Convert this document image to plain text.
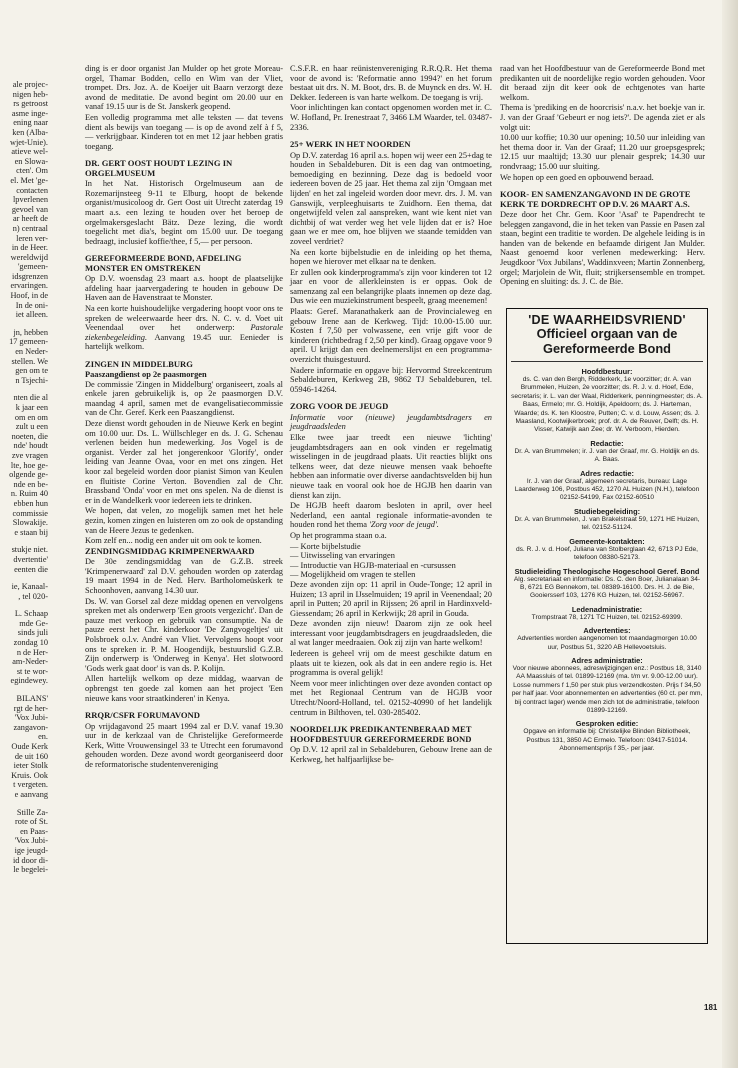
ale projec-
nigen heb-
rs getroost
asme inge-
ening naar
ken (Alba-
wjet-Unie).
atieve wel-
en Slowa-
cten'. Om
el. Met 'ge-
contacten
lpverlenen
gevoel van
ar heeft de
n) centraal
leren ver-
in de Heer.
wereldwijd
'gemeen-
idsgrenzen
ervaringen.
Hoof, in de
In de oni-
iet alleen.

jn, hebben
17 gemeen-
en Neder-
stellen. We
gen om te
n Tsjechi-

nten die al
k jaar een
om en om
zult u een
noeten, die
nde' houdt
zve vragen
lte, hoe ge-
olgende ge-
nde en be-
n. Ruim 40
ebben hun
commissie
Slowakije.
e staan bij

stukje niet.
dvertentie'
eenten die

ie, Kanaal-
, tel 020-

L. Schaap
mde Ge-
sinds juli
zondag 10
n de Her-
am-Neder-
st te wor-
egindewey.

BILANS'
rgt de her-
'Vox Jubi-
zangavon-
en.
Oude Kerk
de uit 160
ieter Stolk
Kruis. Ook
t vergeten.
e aanvang

Stille Za-
rote of St.
en Paas-
'Vox Jubi-
ige jeugd-
id door di-
le begelei-

ding is er door organist Jan Mulder op het grote Moreau-orgel, Thamar Bodden, cello en Wim van der Vliet, trompet. Drs. Joz. A. de Koeijer uit Baarn verzorgt deze avond de meditatie. De avond begint om 20.00 uur en vanaf 19.15 uur is de St. Janskerk geopend.

Een volledig programma met alle teksten — dat tevens dient als bewijs van toegang — is op de avond zelf à f 5,— verkrijgbaar. Kinderen tot en met 12 jaar hebben gratis toegang.

DR. GERT OOST HOUDT LEZING IN ORGELMUSEUM

In het Nat. Historisch Orgelmuseum aan de Rozemarijnsteeg 9-11 te Elburg, hoopt de bekende organist/musicoloog dr. Gert Oost uit Utrecht zaterdag 19 maart a.s. een lezing te houden over het beroep de orgelmakersgeslacht Bätz. Deze lezing, die wordt toegelicht met dia's, begint om 15.00 uur. De toegang bedraagt, inclusief koffie/thee, f 5,— per persoon.

GEREFORMEERDE BOND, AFDELING MONSTER EN OMSTREKEN

Op D.V. woensdag 23 maart a.s. hoopt de plaatselijke afdeling haar jaarvergadering te houden in gebouw De Haven aan de Havenstraat te Monster.

Na een korte huishoudelijke vergadering hoopt voor ons te spreken de weleerwaarde heer drs. N. C. v. d. Voet uit Veenendaal over het onderwerp: Pastorale ziekenbegeleiding. Aanvang 19.45 uur. Eenieder is hartelijk welkom.

ZINGEN IN MIDDELBURG
Paaszangdienst op 2e paasmorgen

De commissie 'Zingen in Middelburg' organiseert, zoals al enkele jaren gebruikelijk is, op 2e paasmorgen D.V. maandag 4 april, samen met de evangelisatiecommissie van de Chr. Geref. Kerk een Paaszangdienst.

Deze dienst wordt gehouden in de Nieuwe Kerk en begint om 10.00 uur. Ds. L. Wüllschleger en ds. J. G. Schenau verlenen beiden hun medewerking. Jos Vogel is de organist. Verder zal het jongerenkoor 'Glorify', onder leiding van Jeanne Ovaa, voor en met ons zingen. Het koor zal begeleid worden door pianist Simon van Keulen en fluitiste Corine Verton. Bovendien zal de Chr. Brassband 'Onda' voor en met ons spelen. Na de dienst is er in de Wandelkerk voor iedereen iets te drinken.

We hopen, dat velen, zo mogelijk samen met het hele gezin, komen zingen en luisteren om zo ook de opstanding van de Heere Jezus te gedenken.

Kom zelf en... nodig een ander uit om ook te komen.

ZENDINGSMIDDAG KRIMPENERWAARD

De 30e zendingsmiddag van de G.Z.B. streek 'Krimpenerwaard' zal D.V. gehouden worden op zaterdag 19 maart 1994 in de Ned. Herv. Bartholomeüskerk te Schoonhoven, aanvang 14.30 uur.

Ds. W. van Gorsel zal deze middag openen en vervolgens spreken met als onderwerp 'Een groots vergezicht'. Dan de pauze met verkoop en gebruik van consumptie. Na de pauze eerst het Chr. kinderkoor 'De Zangvogeltjes' uit Polsbroek o.l.v. André van Vliet. Vervolgens hoopt voor ons te spreken ir. P. M. Hoogendijk, bestuurslid G.Z.B. Zijn onderwerp is 'Onderweg in Kenya'. Het slotwoord 'Gods werk gaat door' is van ds. P. Kolijn.

Allen hartelijk welkom op deze middag, waarvan de opbrengst ten goede zal komen aan het project 'Een nieuwe kans voor straatkinderen' in Kenya.

RRQR/CSFR FORUMAVOND

Op vrijdagavond 25 maart 1994 zal er D.V. vanaf 19.30 uur in de kerkzaal van de Christelijke Gereformeerde Kerk, Witte Vrouwensingel 33 te Utrecht een forumavond gehouden worden. Deze avond wordt georganiseerd door de reformatorische studentenvereniging

C.S.F.R. en haar reünistenvereniging R.R.Q.R. Het thema voor de avond is: 'Reformatie anno 1994?' en het forum bestaat uit drs. N. M. Boot, drs. B. de Muynck en drs. W. H. Dekker. Iedereen is van harte welkom. De toegang is vrij.

Voor inlichtingen kan contact opgenomen worden met ir. C. W. Hofland, Pr. Irenestraat 7, 3466 LM Waarder, tel. 03487-2336.

25+ WERK IN HET NOORDEN

Op D.V. zaterdag 16 april a.s. hopen wij weer een 25+dag te houden in Sebaldeburen. Dit is een dag van ontmoeting, bemoediging en bezinning. Deze dag is bedoeld voor iedereen boven de 25 jaar. Het thema zal zijn 'Omgaan met lijden' en het zal ingeleid worden door mevr. drs. J. M. van Ganswijk, verpleeghuisarts te Zuidhorn. Een thema, dat ongetwijfeld velen zal aanspreken, want wie kent niet van dichtbij of wat verder weg het vele lijden dat er is? Hoe gaan we er mee om, hoe blijven we staande temidden van zoveel verdriet?

Na een korte bijbelstudie en de inleiding op het thema, hopen we hierover met elkaar na te denken.

Er zullen ook kinderprogramma's zijn voor kinderen tot 12 jaar en voor de allerkleinsten is er oppas. Ook de samenzang zal een belangrijke plaats innemen op deze dag. Dus wie een muziekinstrument bespeelt, graag meenemen!

Plaats: Geref. Maranathakerk aan de Provincialeweg en gebouw Irene aan de Kerkweg. Tijd: 10.00-15.00 uur. Kosten f 7,50 per volwassene, een vrije gift voor de kinderen (richtbedrag f 2,50 per kind). Graag opgave voor 9 april. U krijgt dan een deelnemerslijst en een programma-overzicht thuisgestuurd.

Nadere informatie en opgave bij: Hervormd Streekcentrum Sebaldeburen, Kerkweg 2B, 9862 TJ Sebaldeburen, tel. 05946-14264.

ZORG VOOR DE JEUGD

Informatie voor (nieuwe) jeugdambtsdragers en jeugdraadsleden

Elke twee jaar treedt een nieuwe 'lichting' jeugdambtsdragers aan en ook vinden er regelmatig wisselingen in de jeugdraad plaats. Uit reacties blijkt ons telkens weer, dat deze nieuwe mensen vaak behoefte hebben aan informatie over diverse aandachtsvelden bij hun nieuwe taak en vooral ook hoe de HGJB hen daarin van dienst kan zijn.

De HGJB heeft daarom besloten in april, over heel Nederland, een aantal regionale informatie-avonden te houden rond het thema 'Zorg voor de jeugd'.

Op het programma staan o.a.

— Korte bijbelstudie

— Uitwisseling van ervaringen

— Introductie van HGJB-materiaal en -cursussen

— Mogelijkheid om vragen te stellen

Deze avonden zijn op: 11 april in Oude-Tonge; 12 april in Huizen; 13 april in IJsselmuiden; 19 april in Veenendaal; 20 april in Putten; 20 april in Rijssen; 26 april in Hardinxveld-Giessendam; 26 april in Kerkwijk; 28 april in Gouda.

Deze avonden zijn nieuw! Daarom zijn ze ook heel interessant voor jeugdambtsdragers en jeugdraadsleden, die al wat langer meedraaien. Ook zij zijn van harte welkom!

Iedereen is geheel vrij om de meest geschikte datum en plaats uit te kiezen, ook als dat in een andere regio is. Het programma is overal gelijk!

Neem voor meer inlichtingen over deze avonden contact op met het Regionaal Centrum van de HGJB voor Utrecht/Noord-Holland, tel. 02152-40990 of het landelijk centrum in Bilthoven, tel. 030-285402.

NOORDELIJK PREDIKANTENBERAAD MET HOOFDBESTUUR GEREFORMEERDE BOND

Op D.V. 12 april zal in Sebaldeburen, Gebouw Irene aan de Kerkweg, het halfjaarlijkse be-

raad van het Hoofdbestuur van de Gereformeerde Bond met predikanten uit de noordelijke regio worden gehouden. Voor dit beraad zijn dit keer ook de echtgenotes van harte welkom.

Thema is 'prediking en de hoorcrisis' n.a.v. het boekje van ir. J. van der Graaf 'Gebeurt er nog iets?'. De agenda ziet er als volgt uit:

10.00 uur koffie; 10.30 uur opening; 10.50 uur inleiding van het thema door ir. Van der Graaf; 11.20 uur groepsgesprek; 12.15 uur maaltijd; 13.30 uur plenair gesprek; 14.30 uur rondvraag; 15.00 uur sluiting.

We hopen op een goed en opbouwend beraad.

KOOR- EN SAMENZANGAVOND IN DE GROTE KERK TE DORDRECHT OP D.V. 26 MAART A.S.

Deze door het Chr. Gem. Koor 'Asaf' te Papendrecht te beleggen zangavond, die in het teken van Passie en Pasen zal staan, begint een traditie te worden. De algehele leiding is in handen van de bekende en befaamde dirigent Jan Mulder. Naast genoemd koor verlenen medewerking: Herv. Jeugdkoor 'Vox Jubilans', Waddinxveen; Martin Zonnenberg, orgel; Marjolein de Wit, fluit; strijkersensemble en trompet. Opening en sluiting: ds. J. C. de Bie.

'DE WAARHEIDSVRIEND'
Officieel orgaan van de Gereformeerde Bond
Hoofdbestuur:
ds. C. van den Bergh, Ridderkerk, 1e voorzitter; dr. A. van Brummelen, Huizen, 2e voorzitter; ds. R. J. v. d. Hoef, Ede, secretaris; ir. L. van der Waal, Ridderkerk, penningmeester; ds. A. Baas, Ermelo; mr. G. Holdijk, Apeldoorn; ds. J. Harteman, Waarde; ds. K. ten Kloostre, Putten; C. v. d. Louw, Assen; ds. J. Maasland, Kootwijkerbroek; prof. dr. A. de Reuver, Delft; ds. H. Visser, Katwijk aan Zee; dr. W. Verboom, Hierden.
Redactie:
Dr. A. van Brummelen; ir. J. van der Graaf, mr. G. Holdijk en ds. A. Baas.
Adres redactie:
Ir. J. van der Graaf, algemeen secretaris, bureau: Lage Laarderweg 106, Postbus 452, 1270 AL Huizen (N.H.), telefoon 02152-54199, Fax 02152-60510
Studiebegeleiding:
Dr. A. van Brummelen, J. van Brakelstraat 59, 1271 HE Huizen, tel. 02152-51124.
Gemeente-kontakten:
ds. R. J. v. d. Hoef, Juliana van Stolberglaan 42, 6713 PJ Ede, telefoon 08380-52173.
Studieleiding Theologische Hogeschool Geref. Bond
Alg. secretariaat en informatie: Ds. C. den Boer, Julianalaan 34-B, 6721 EG Bennekom, tel. 08389-16100. Drs. H. J. de Bie, Gooiersserf 103, 1276 KG Huizen, tel. 02152-56967.
Ledenadministratie:
Trompstraat 78, 1271 TC Huizen, tel. 02152-69399.
Advertenties:
Advertenties worden aangenomen tot maandagmorgen 10.00 uur, Postbus 51, 3220 AB Hellevoetsluis.
Adres administratie:
Voor nieuwe abonnees, adreswijzigingen enz.: Postbus 18, 3140 AA Maassluis of tel. 01899-12169 (ma. t/m vr. 9.00-12.00 uur). Losse nummers f 1,50 per stuk plus verzendkosten. Prijs f 34,50 per half jaar. Voor abonnementen en advertenties (60 ct. per mm, bij contract lager) wende men zich tot de administratie, telefoon 01899-12169.
Gesproken editie:
Opgave en informatie bij: Christelijke Blinden Bibliotheek, Postbus 131, 3850 AC Ermelo. Telefoon: 03417-51014. Abonnementsprijs f 35,- per jaar.
181
